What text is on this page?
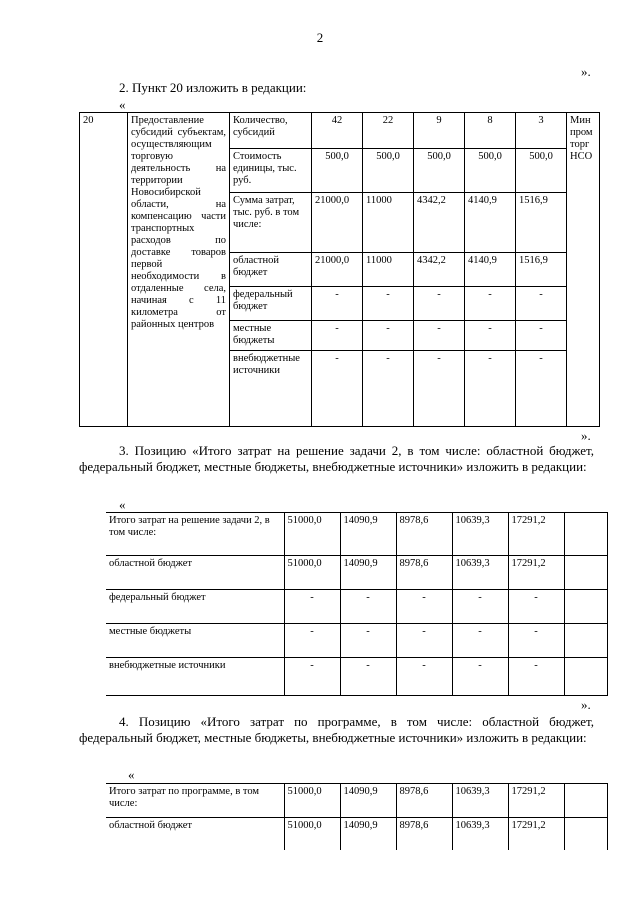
2
».

2. Пункт 20 изложить в редакции:

«
20	Предоставление субсидий субъектам, осуществляющим торговую деятельность на территории Новосибирской области, на компенсацию части транспортных расходов по доставке товаров первой необходимости в отдаленные села, начиная с 11 километра от районных центров	Количество, субсидий	42	22	9	8	3	Минпромторг НСО
		Стоимость единицы, тыс. руб.	500,0	500,0	500,0	500,0	500,0	
		Сумма затрат, тыс. руб. в том числе:	21000,0	11000	4342,2	4140,9	1516,9	
		областной бюджет	21000,0	11000	4342,2	4140,9	1516,9	
		федеральный бюджет	-	-	-	-	-	
		местные бюджеты	-	-	-	-	-	
		внебюджетные источники	-	-	-	-	-	
».

3. Позицию «Итого затрат на решение задачи 2, в том числе: областной бюджет, федеральный бюджет, местные бюджеты, внебюджетные источники» изложить в редакции:

«
Итого затрат на решение задачи 2, в том числе:	51000,0	14090,9	8978,6	10639,3	17291,2	
областной бюджет	51000,0	14090,9	8978,6	10639,3	17291,2	
федеральный бюджет	-	-	-	-	-	
местные бюджеты	-	-	-	-	-	
внебюджетные источники	-	-	-	-	-	
».

4. Позицию «Итого затрат по программе, в том числе: областной бюджет, федеральный бюджет, местные бюджеты, внебюджетные источники» изложить в редакции:

«
Итого затрат по программе, в том числе:	51000,0	14090,9	8978,6	10639,3	17291,2	
областной бюджет	51000,0	14090,9	8978,6	10639,3	17291,2	
